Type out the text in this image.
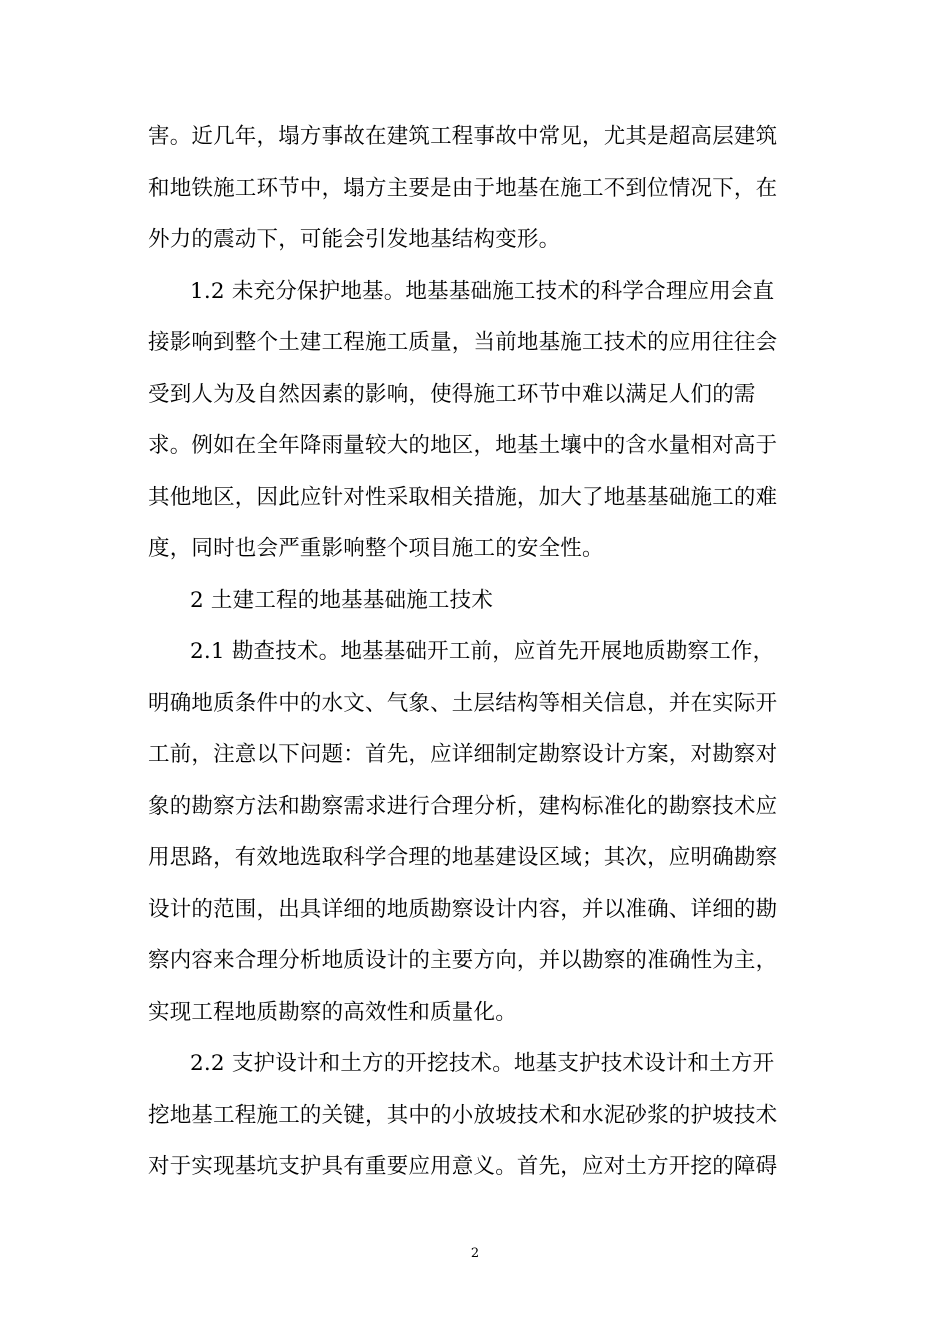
害。近几年，塌方事故在建筑工程事故中常见，尤其是超高层建筑
和地铁施工环节中，塌方主要是由于地基在施工不到位情况下，在
外力的震动下，可能会引发地基结构变形。
1.2 未充分保护地基。地基基础施工技术的科学合理应用会直
接影响到整个土建工程施工质量，当前地基施工技术的应用往往会
受到人为及自然因素的影响，使得施工环节中难以满足人们的需
求。例如在全年降雨量较大的地区，地基土壤中的含水量相对高于
其他地区，因此应针对性采取相关措施，加大了地基基础施工的难
度，同时也会严重影响整个项目施工的安全性。
2 土建工程的地基基础施工技术
2.1 勘查技术。地基基础开工前，应首先开展地质勘察工作，
明确地质条件中的水文、气象、土层结构等相关信息，并在实际开
工前，注意以下问题：首先，应详细制定勘察设计方案，对勘察对
象的勘察方法和勘察需求进行合理分析，建构标准化的勘察技术应
用思路，有效地选取科学合理的地基建设区域；其次，应明确勘察
设计的范围，出具详细的地质勘察设计内容，并以准确、详细的勘
察内容来合理分析地质设计的主要方向，并以勘察的准确性为主，
实现工程地质勘察的高效性和质量化。
2.2 支护设计和土方的开挖技术。地基支护技术设计和土方开
挖地基工程施工的关键，其中的小放坡技术和水泥砂浆的护坡技术
对于实现基坑支护具有重要应用意义。首先，应对土方开挖的障碍
2
